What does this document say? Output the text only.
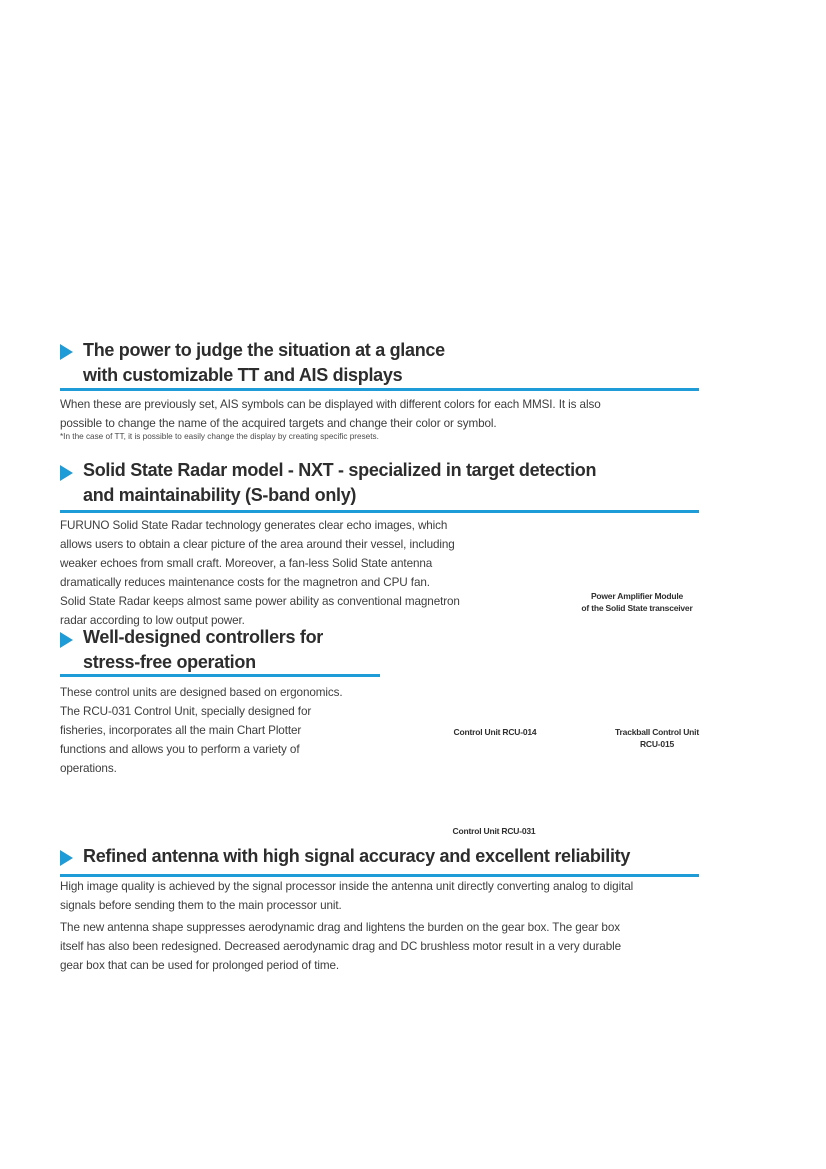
The power to judge the situation at a glance
with customizable TT and AIS displays
When these are previously set, AIS symbols can be displayed with different colors for each MMSI. It is also
possible to change the name of the acquired targets and change their color or symbol.
*In the case of TT, it is possible to easily change the display by creating specific presets.
Solid State Radar model - NXT - specialized in target detection
and maintainability (S-band only)
FURUNO Solid State Radar technology generates clear echo images, which
allows users to obtain a clear picture of the area around their vessel, including
weaker echoes from small craft. Moreover, a fan-less Solid State antenna
dramatically reduces maintenance costs for the magnetron and CPU fan.
Solid State Radar keeps almost same power ability as conventional magnetron
radar according to low output power.
Power Amplifier Module
of the Solid State transceiver
Well-designed controllers for
stress-free operation
These control units are designed based on ergonomics.
The RCU-031 Control Unit, specially designed for
fisheries, incorporates all the main Chart Plotter
functions and allows you to perform a variety of
operations.
Control Unit RCU-014	Trackball Control Unit
RCU-015
Control Unit RCU-031
Refined antenna with high signal accuracy and excellent reliability
High image quality is achieved by the signal processor inside the antenna unit directly converting analog to digital
signals before sending them to the main processor unit.
The new antenna shape suppresses aerodynamic drag and lightens the burden on the gear box. The gear box
itself has also been redesigned. Decreased aerodynamic drag and DC brushless motor result in a very durable
gear box that can be used for prolonged period of time.
